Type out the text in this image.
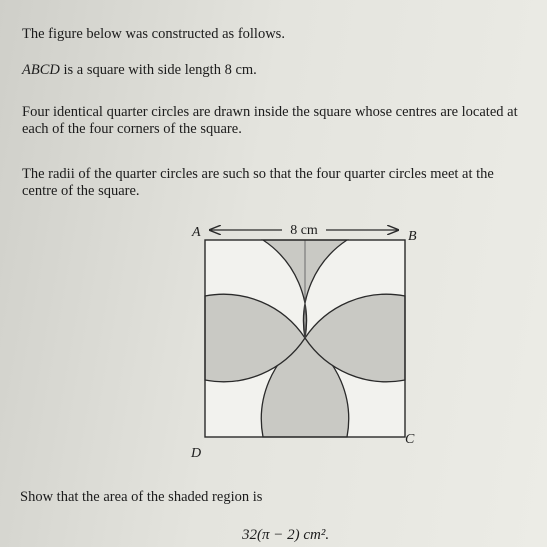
The figure below was constructed as follows.
ABCD is a square with side length 8 cm.
Four identical quarter circles are drawn inside the square whose centres are located at
each of the four corners of the square.
The radii of the quarter circles are such so that the four quarter circles meet at the
centre of the square.
Show that the area of the shaded region is
32(π − 2) cm².
8 cm
A	B
C
D
